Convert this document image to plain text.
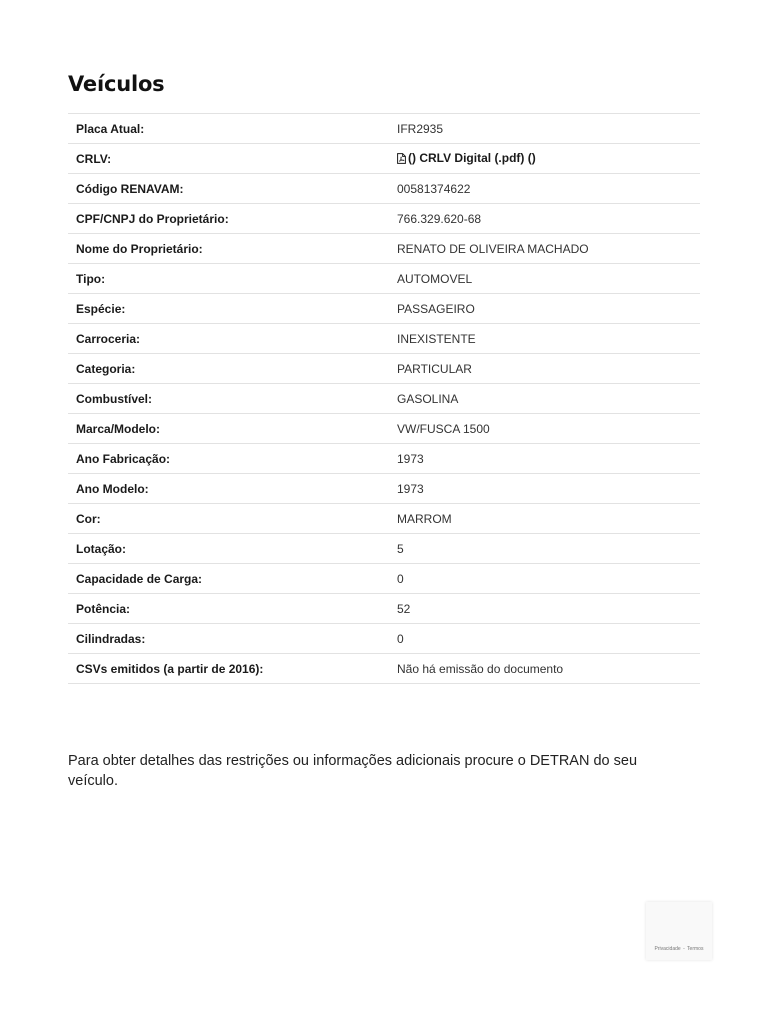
Veículos
Placa Atual:	IFR2935
CRLV:	() CRLV Digital (.pdf) ()
Código RENAVAM:	00581374622
CPF/CNPJ do Proprietário:	766.329.620-68
Nome do Proprietário:	RENATO DE OLIVEIRA MACHADO
Tipo:	AUTOMOVEL
Espécie:	PASSAGEIRO
Carroceria:	INEXISTENTE
Categoria:	PARTICULAR
Combustível:	GASOLINA
Marca/Modelo:	VW/FUSCA 1500
Ano Fabricação:	1973
Ano Modelo:	1973
Cor:	MARROM
Lotação:	5
Capacidade de Carga:	0
Potência:	52
Cilindradas:	0
CSVs emitidos (a partir de 2016):	Não há emissão do documento

Para obter detalhes das restrições ou informações adicionais procure o DETRAN do seu veículo.

Privacidade - Termos
